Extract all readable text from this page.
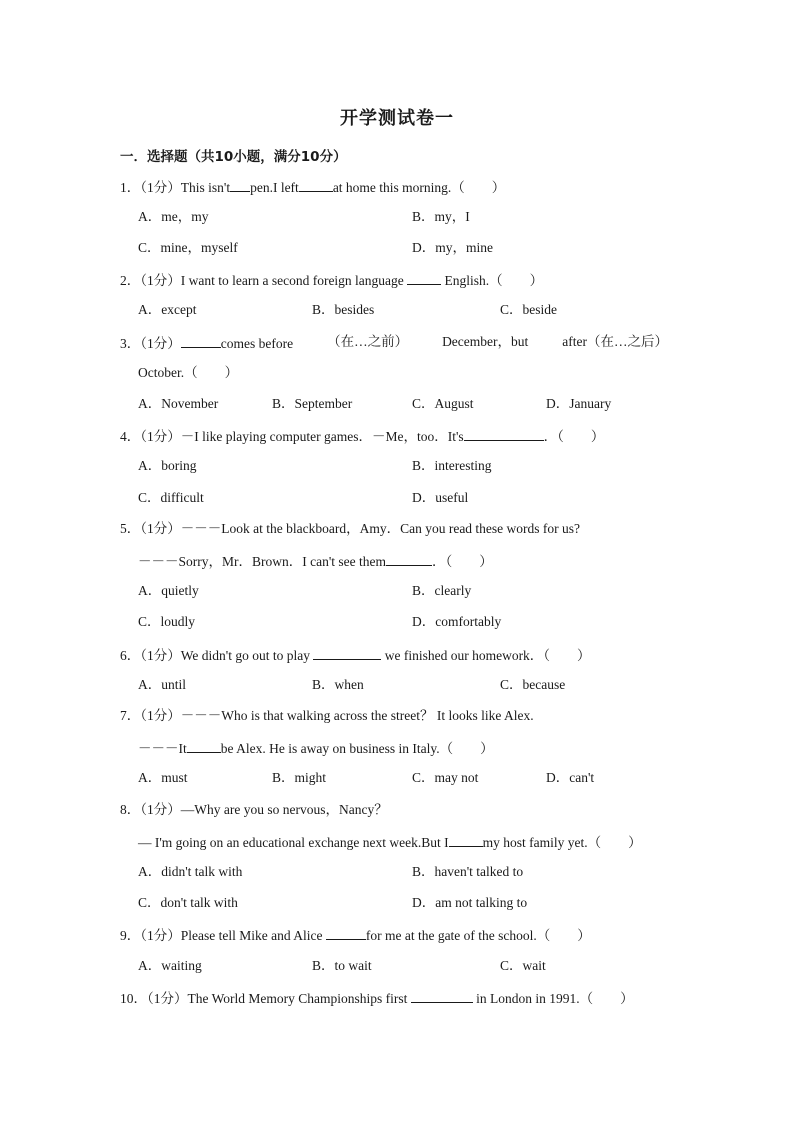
开学测试卷一
一．选择题（共10小题，满分10分）
1．（1分）This isn't pen.I left	at home this morning.（　　）
A．me，my	B．my，I
C．mine，myself	D．my，mine
2．（1分）I want to learn a second foreign language	English.（　　）
A．except	B．besides	C．beside
3．（1分）	comes before	（在…之前）	December，but	after（在…之后）
October.（　　）
A．November	B．September	C．August	D．January
4．（1分）－I like playing computer games．－Me，too．It's	．（　　）
A．boring	B．interesting
C．difficult	D．useful
5．（1分）－－－Look at the blackboard，Amy．Can you read these words for us?
－－－Sorry，Mr．Brown．I can't see them	．（　　）
A．quietly	B．clearly
C．loudly	D．comfortably
6．（1分）We didn't go out to play	we finished our homework．（　　）
A．until	B．when	C．because
7．（1分）－－－Who is that walking across the street？ It looks like Alex.
－－－It	be Alex. He is away on business in Italy.（　　）
A．must	B．might	C．may not	D．can't
8．（1分）—Why are you so nervous，Nancy？
— I'm going on an educational exchange next week.But I	my host family yet.（　　）
A．didn't talk with	B．haven't talked to
C．don't talk with	D．am not talking to
9．（1分）Please tell Mike and Alice	for me at the gate of the school.（　　）
A．waiting	B．to wait	C．wait
10．（1分）The World Memory Championships first	in London in 1991.（　　）
